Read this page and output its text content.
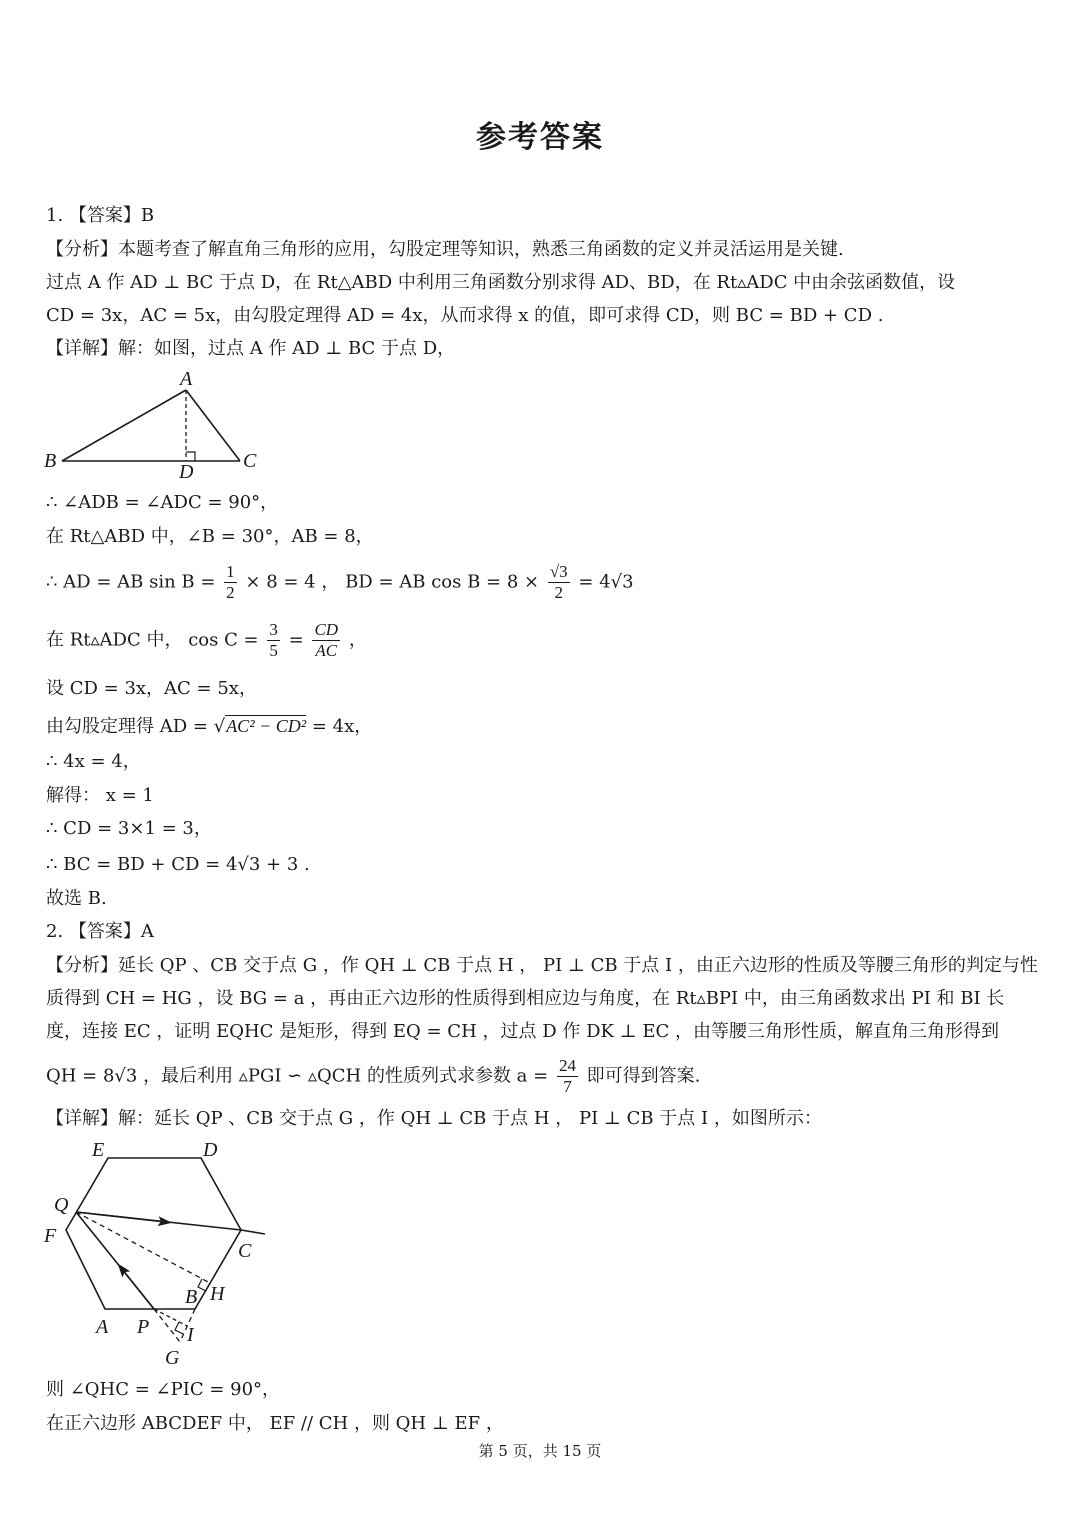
参考答案
1. 【答案】B
【分析】本题考查了解直角三角形的应用，勾股定理等知识，熟悉三角函数的定义并灵活运用是关键.
过点 A 作 AD ⊥ BC 于点 D，在 Rt△ABD 中利用三角函数分别求得 AD、BD，在 Rt▵ADC 中由余弦函数值，设
CD = 3x，AC = 5x，由勾股定理得 AD = 4x，从而求得 x 的值，即可求得 CD，则 BC = BD + CD .
【详解】解：如图，过点 A 作 AD ⊥ BC 于点 D，
A
B	C
D
∴ ∠ADB = ∠ADC = 90°，
在 Rt△ABD 中，∠B = 30°，AB = 8，
∴ AD = AB $\sin B = \frac{1}{2} \times 8 = 4$ ， BD = AB $\cos B = 8 \times \frac{√3}{2} = 4√3$
在 Rt▵ADC 中， $\cos C = \frac{3}{5} = \frac{CD}{AC}$ ，
设 CD = 3x，AC = 5x，
由勾股定理得 AD = √AC² − CD² = 4x，
∴ 4x = 4，
解得： x = 1
∴ CD = 3×1 = 3，
∴ BC = BD + CD = 4√3 + 3 .
故选 B.
2. 【答案】A
【分析】延长 QP 、CB 交于点 G ，作 QH ⊥ CB 于点 H ， PI ⊥ CB 于点 I ，由正六边形的性质及等腰三角形的判定与性
质得到 CH = HG ，设 BG = a ，再由正六边形的性质得到相应边与角度，在 Rt▵BPI 中，由三角函数求出 PI 和 BI 长
度，连接 EC ，证明 EQHC 是矩形，得到 EQ = CH ，过点 D 作 DK ⊥ EC ，由等腰三角形性质，解直角三角形得到
QH = 8√3 ，最后利用 ▵PGI ∽ ▵QCH 的性质列式求参数 $a = \frac{24}{7}$ 即可得到答案.
【详解】解：延长 QP 、CB 交于点 G ，作 QH ⊥ CB 于点 H ， PI ⊥ CB 于点 I ，如图所示：
E	D
Q
F
C
B H
A P I
G
则 ∠QHC = ∠PIC = 90°，
在正六边形 ABCDEF 中， EF // CH ，则 QH ⊥ EF ，
第 5 页，共 15 页
